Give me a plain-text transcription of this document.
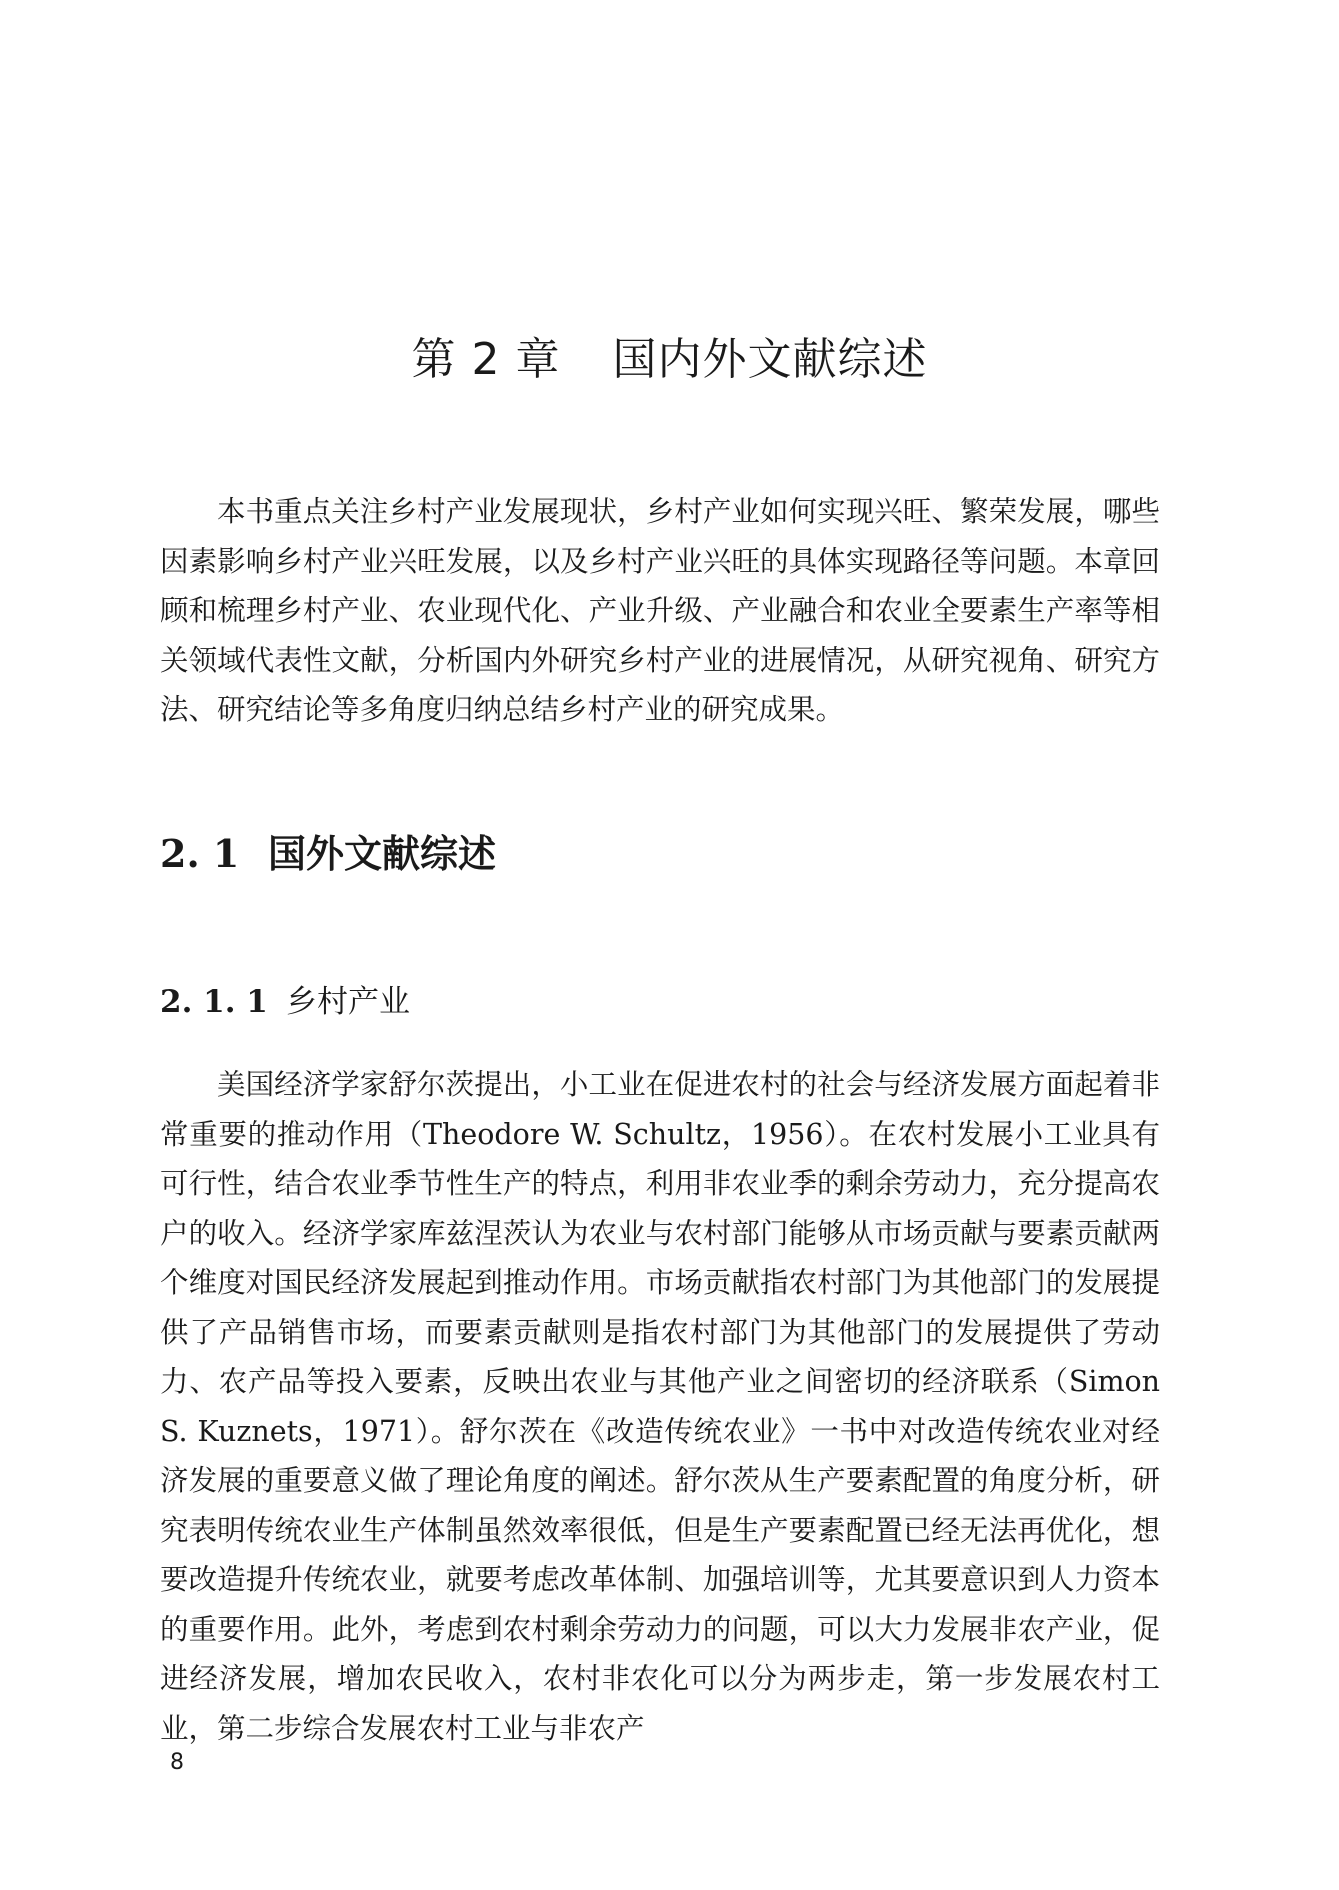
第 2 章 国内外文献综述

本书重点关注乡村产业发展现状，乡村产业如何实现兴旺、繁荣发展，哪些因素影响乡村产业兴旺发展，以及乡村产业兴旺的具体实现路径等问题。本章回顾和梳理乡村产业、农业现代化、产业升级、产业融合和农业全要素生产率等相关领域代表性文献，分析国内外研究乡村产业的进展情况，从研究视角、研究方法、研究结论等多角度归纳总结乡村产业的研究成果。

2. 1 国外文献综述
2. 1. 1 乡村产业

美国经济学家舒尔茨提出，小工业在促进农村的社会与经济发展方面起着非常重要的推动作用（Theodore W. Schultz，1956）。在农村发展小工业具有可行性，结合农业季节性生产的特点，利用非农业季的剩余劳动力，充分提高农户的收入。经济学家库兹涅茨认为农业与农村部门能够从市场贡献与要素贡献两个维度对国民经济发展起到推动作用。市场贡献指农村部门为其他部门的发展提供了产品销售市场，而要素贡献则是指农村部门为其他部门的发展提供了劳动力、农产品等投入要素，反映出农业与其他产业之间密切的经济联系（Simon S. Kuznets，1971）。舒尔茨在《改造传统农业》一书中对改造传统农业对经济发展的重要意义做了理论角度的阐述。舒尔茨从生产要素配置的角度分析，研究表明传统农业生产体制虽然效率很低，但是生产要素配置已经无法再优化，想要改造提升传统农业，就要考虑改革体制、加强培训等，尤其要意识到人力资本的重要作用。此外，考虑到农村剩余劳动力的问题，可以大力发展非农产业，促进经济发展，增加农民收入，农村非农化可以分为两步走，第一步发展农村工业，第二步综合发展农村工业与非农产

8
